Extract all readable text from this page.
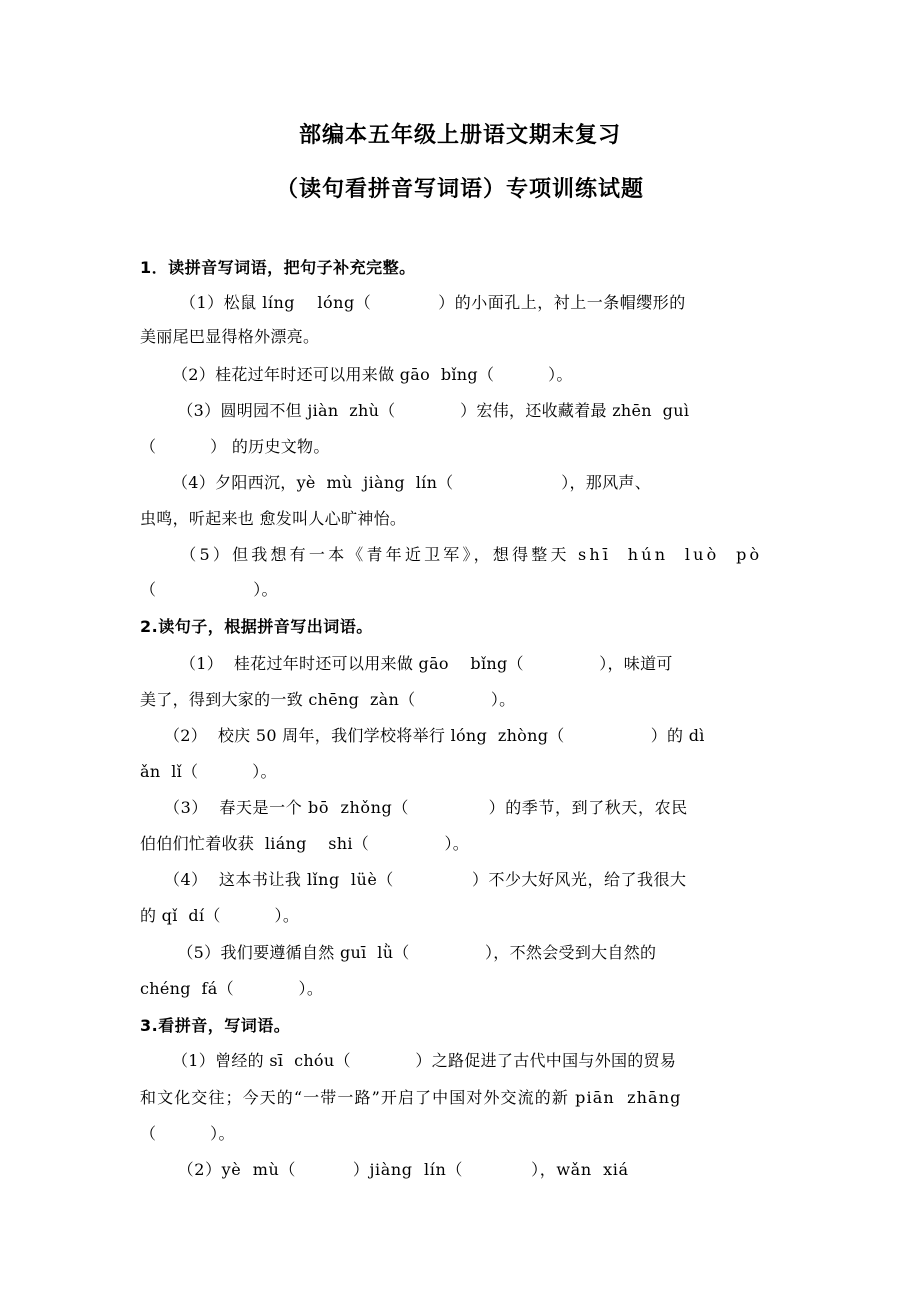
部编本五年级上册语文期末复习
（读句看拼音写词语）专项训练试题

1．读拼音写词语，把句子补充完整。

（1）松鼠 líng    lóng（            ）的小面孔上，衬上一条帽缨形的

美丽尾巴显得格外漂亮。

（2）桂花过年时还可以用来做 gāo  bǐng（          ）。

（3）圆明园不但 jiàn  zhù（            ）宏伟，还收藏着最 zhēn  guì

（          ） 的历史文物。

（4）夕阳西沉，yè  mù  jiàng  lín（                    ），那风声、

虫鸣，听起来也 愈发叫人心旷神怡。

（5）但我想有一本《青年近卫军》，想得整天 shī  hún  luò  pò

（                  ）。

2.读句子，根据拼音写出词语。

（1）  桂花过年时还可以用来做 gāo    bǐng（              ），味道可

美了，得到大家的一致 chēng  zàn（              ）。

（2）  校庆 50 周年，我们学校将举行 lóng  zhòng（                ）的 dì

ǎn  lǐ（          ）。

（3）  春天是一个 bō  zhǒng（              ）的季节，到了秋天，农民

伯伯们忙着收获  liáng    shi（              ）。

（4）  这本书让我 lǐng  lüè（              ）不少大好风光，给了我很大

的 qǐ  dí（          ）。

（5）我们要遵循自然 guī  lǜ（              ），不然会受到大自然的

chéng  fá（            ）。

3.看拼音，写词语。

（1）曾经的 sī  chóu（            ）之路促进了古代中国与外国的贸易

和文化交往；今天的“一带一路”开启了中国对外交流的新 piān  zhāng

（          ）。

（2）yè  mù（          ）jiàng  lín（            ），wǎn  xiá
